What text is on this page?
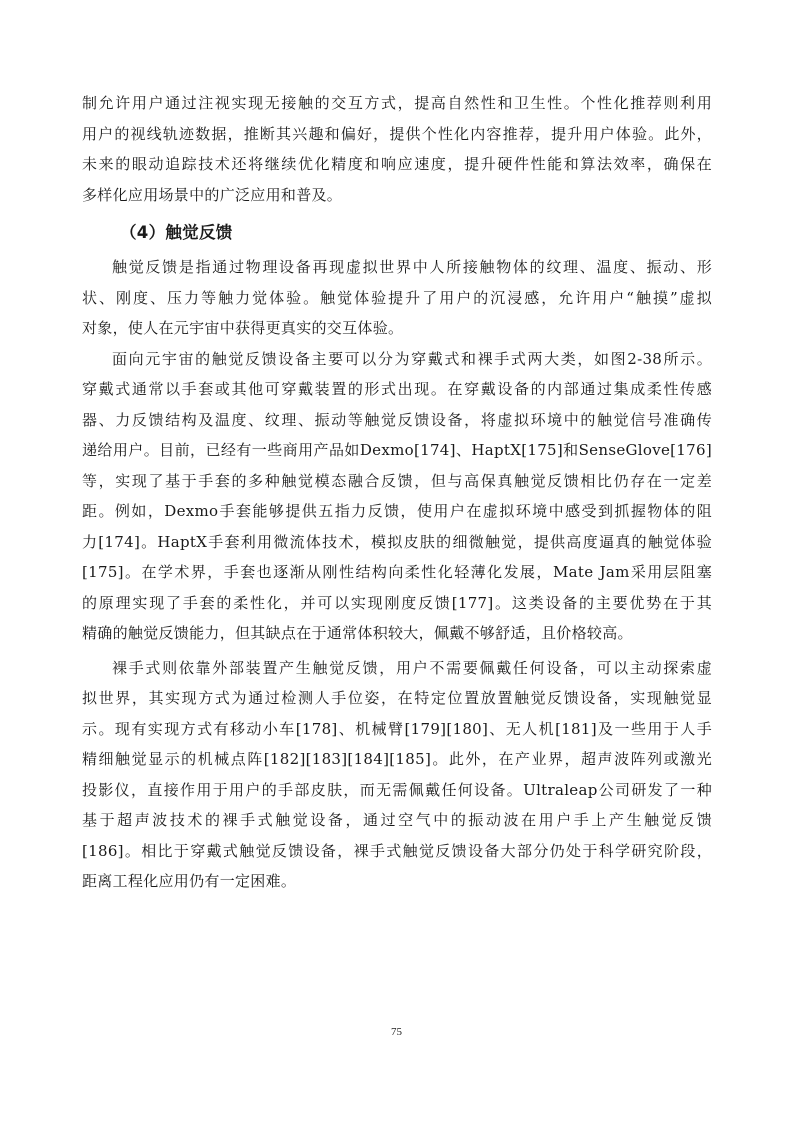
制允许用户通过注视实现无接触的交互方式，提高自然性和卫生性。个性化推荐则利用
用户的视线轨迹数据，推断其兴趣和偏好，提供个性化内容推荐，提升用户体验。此外，
未来的眼动追踪技术还将继续优化精度和响应速度，提升硬件性能和算法效率，确保在
多样化应用场景中的广泛应用和普及。
（4）触觉反馈
触觉反馈是指通过物理设备再现虚拟世界中人所接触物体的纹理、温度、振动、形
状、刚度、压力等触力觉体验。触觉体验提升了用户的沉浸感，允许用户“触摸”虚拟
对象，使人在元宇宙中获得更真实的交互体验。
面向元宇宙的触觉反馈设备主要可以分为穿戴式和裸手式两大类，如图2-38所示。
穿戴式通常以手套或其他可穿戴装置的形式出现。在穿戴设备的内部通过集成柔性传感
器、力反馈结构及温度、纹理、振动等触觉反馈设备，将虚拟环境中的触觉信号准确传
递给用户。目前，已经有一些商用产品如Dexmo[174]、HaptX[175]和SenseGlove[176]
等，实现了基于手套的多种触觉模态融合反馈，但与高保真触觉反馈相比仍存在一定差
距。例如，Dexmo手套能够提供五指力反馈，使用户在虚拟环境中感受到抓握物体的阻
力[174]。HaptX手套利用微流体技术，模拟皮肤的细微触觉，提供高度逼真的触觉体验
[175]。在学术界，手套也逐渐从刚性结构向柔性化轻薄化发展，Mate Jam采用层阻塞
的原理实现了手套的柔性化，并可以实现刚度反馈[177]。这类设备的主要优势在于其
精确的触觉反馈能力，但其缺点在于通常体积较大，佩戴不够舒适，且价格较高。
裸手式则依靠外部装置产生触觉反馈，用户不需要佩戴任何设备，可以主动探索虚
拟世界，其实现方式为通过检测人手位姿，在特定位置放置触觉反馈设备，实现触觉显
示。现有实现方式有移动小车[178]、机械臂[179][180]、无人机[181]及一些用于人手
精细触觉显示的机械点阵[182][183][184][185]。此外，在产业界，超声波阵列或激光
投影仪，直接作用于用户的手部皮肤，而无需佩戴任何设备。Ultraleap公司研发了一种
基于超声波技术的裸手式触觉设备，通过空气中的振动波在用户手上产生触觉反馈
[186]。相比于穿戴式触觉反馈设备，裸手式触觉反馈设备大部分仍处于科学研究阶段，
距离工程化应用仍有一定困难。
75
